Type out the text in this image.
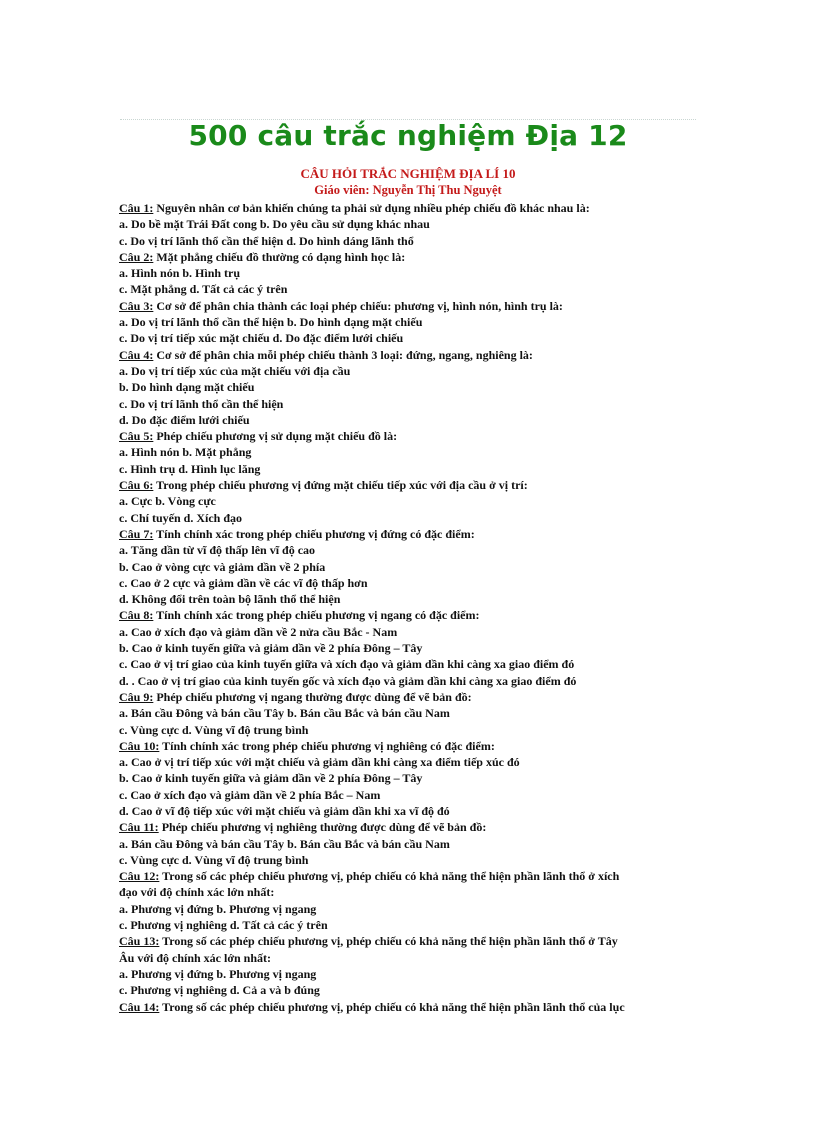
500 câu trắc nghiệm Địa 12
CÂU HỎI TRẮC NGHIỆM ĐỊA LÍ 10
Giáo viên: Nguyễn Thị Thu Nguyệt
Câu 1: Nguyên nhân cơ bản khiến chúng ta phải sử dụng nhiều phép chiếu đồ khác nhau là:
a. Do bề mặt Trái Đất cong b. Do yêu cầu sử dụng khác nhau
c. Do vị trí lãnh thổ cần thể hiện d. Do hình dáng lãnh thổ
Câu 2: Mặt phẳng chiếu đồ thường có dạng hình học là:
a. Hình nón b. Hình trụ
c. Mặt phẳng d. Tất cả các ý trên
Câu 3: Cơ sở để phân chia thành các loại phép chiếu: phương vị, hình nón, hình trụ là:
a. Do vị trí lãnh thổ cần thể hiện b. Do hình dạng mặt chiếu
c. Do vị trí tiếp xúc mặt chiếu d. Do đặc điểm lưới chiếu
Câu 4: Cơ sở để phân chia mỗi phép chiếu thành 3 loại: đứng, ngang, nghiêng là:
a. Do vị trí tiếp xúc của mặt chiếu với địa cầu
b. Do hình dạng mặt chiếu
c. Do vị trí lãnh thổ cần thể hiện
d. Do đặc điểm lưới chiếu
Câu 5: Phép chiếu phương vị sử dụng mặt chiếu đồ là:
a. Hình nón b. Mặt phẳng
c. Hình trụ d. Hình lục lăng
Câu 6: Trong phép chiếu phương vị đứng mặt chiếu tiếp xúc với địa cầu ở vị trí:
a. Cực b. Vòng cực
c. Chí tuyến d. Xích đạo
Câu 7: Tính chính xác trong phép chiếu phương vị đứng có đặc điểm:
a. Tăng dần từ vĩ độ thấp lên vĩ độ cao
b. Cao ở vòng cực và giảm dần về 2 phía
c. Cao ở 2 cực và giảm dần về các vĩ độ thấp hơn
d. Không đổi trên toàn bộ lãnh thổ thể hiện
Câu 8: Tính chính xác trong phép chiếu phương vị ngang có đặc điểm:
a. Cao ở xích đạo và giảm dần về 2 nửa cầu Bắc - Nam
b. Cao ở kinh tuyến giữa và giảm dần về 2 phía Đông – Tây
c. Cao ở vị trí giao của kinh tuyến giữa và xích đạo và giảm dần khi càng xa giao điểm đó
d. . Cao ở vị trí giao của kinh tuyến gốc và xích đạo và giảm dần khi càng xa giao điểm đó
Câu 9: Phép chiếu phương vị ngang thường được dùng để vẽ bản đồ:
a. Bán cầu Đông và bán cầu Tây b. Bán cầu Bắc và bán cầu Nam
c. Vùng cực d. Vùng vĩ độ trung bình
Câu 10: Tính chính xác trong phép chiếu phương vị nghiêng có đặc điểm:
a. Cao ở vị trí tiếp xúc với mặt chiếu và giảm dần khi càng xa điểm tiếp xúc đó
b. Cao ở kinh tuyến giữa và giảm dần về 2 phía Đông – Tây
c. Cao ở xích đạo và giảm dần về 2 phía Bắc – Nam
d. Cao ở vĩ độ tiếp xúc với mặt chiếu và giảm dần khi xa vĩ độ đó
Câu 11: Phép chiếu phương vị nghiêng thường được dùng để vẽ bản đồ:
a. Bán cầu Đông và bán cầu Tây b. Bán cầu Bắc và bán cầu Nam
c. Vùng cực d. Vùng vĩ độ trung bình
Câu 12: Trong số các phép chiếu phương vị, phép chiếu có khả năng thể hiện phần lãnh thổ ở xích
đạo với độ chính xác lớn nhất:
a. Phương vị đứng b. Phương vị ngang
c. Phương vị nghiêng d. Tất cả các ý trên
Câu 13: Trong số các phép chiếu phương vị, phép chiếu có khả năng thể hiện phần lãnh thổ ở Tây
Âu với độ chính xác lớn nhất:
a. Phương vị đứng b. Phương vị ngang
c. Phương vị nghiêng d. Cả a và b đúng
Câu 14: Trong số các phép chiếu phương vị, phép chiếu có khả năng thể hiện phần lãnh thổ của lục
